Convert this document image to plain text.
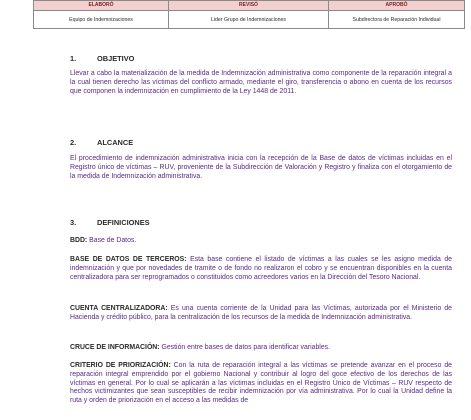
ELABORÓ	REVISÓ	APROBÓ
Equipo de Indemnizaciones	Lider Grupo de Indemnizaciones	Subdirectora de Reparación Individual
1.	OBJETIVO

Llevar a cabo la materialización de la medida de Indemnización administrativa como componente de la reparación integral a la cual tienen derecho las víctimas del conflicto armado, mediante el giro, transferencia o abono en cuenta de los recursos que componen la indemnización en cumplimiento de la Ley 1448 de 2011.

2.	ALCANCE

El procedimiento de indemnización administrativa inicia con la recepción de la Base de datos de víctimas incluidas en el Registro único de víctimas – RUV, proveniente de la Subdirección de Valoración y Registro y finaliza con el otorgamiento de la medida de Indemnización administrativa.

3.	DEFINICIONES

BDD: Base de Datos.

BASE DE DATOS DE TERCEROS: Esta base contiene el listado de víctimas a las cuales se les asigno medida de indemnización y que por novedades de tramite o de fondo no realizaron el cobro y se encuentran disponibles en la cuenta centralizadora para ser reprogramados o constituidos como acreedores varios en la Dirección del Tesoro Nacional.

CUENTA CENTRALIZADORA: Es una cuenta corriente de la Unidad para las Víctimas, autorizada por el Ministerio de Hacienda y crédito público, para la centralización de los recursos de la medida de Indemnización administrativa.

CRUCE DE INFORMACIÓN: Gestión entre bases de datos para identificar variables.

CRITERIO DE PRIORIZACIÓN: Con la ruta de reparación integral a las víctimas se pretende avanzar en el proceso de reparación integral emprendido por el gobierno Nacional y contribuir al logro del goce efectivo de los derechos de las víctimas en general. Por lo cual se aplicarán a las víctimas incluidas en el Registro Único de Víctimas – RUV respecto de hechos victimizantes que sean susceptibles de recibir indemnización por vía administrativa. Por lo cual la Unidad define la ruta y orden de priorización en el acceso a las medidas de
